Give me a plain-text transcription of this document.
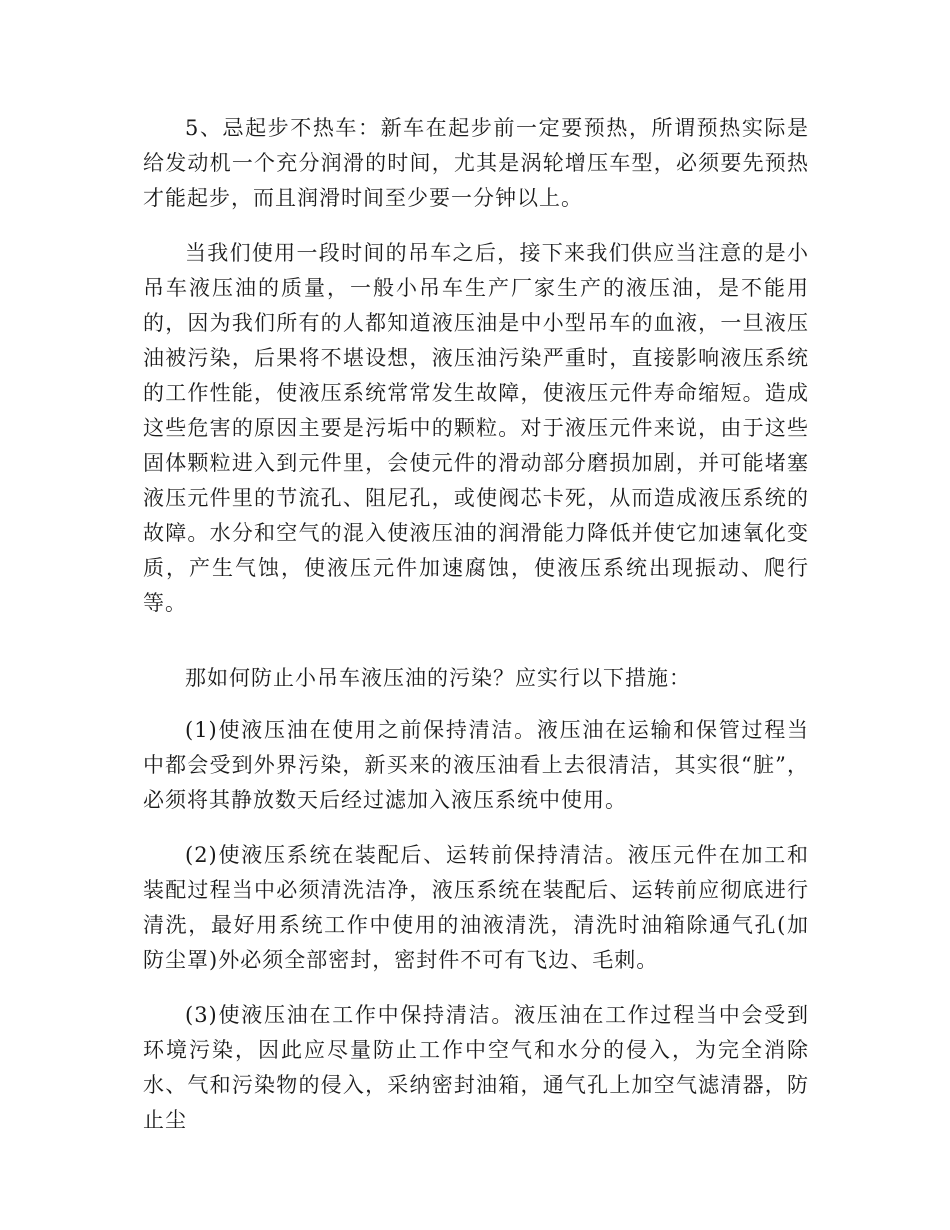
5、忌起步不热车：新车在起步前一定要预热，所谓预热实际是给发动机一个充分润滑的时间，尤其是涡轮增压车型，必须要先预热才能起步，而且润滑时间至少要一分钟以上。

当我们使用一段时间的吊车之后，接下来我们供应当注意的是小吊车液压油的质量，一般小吊车生产厂家生产的液压油，是不能用的，因为我们所有的人都知道液压油是中小型吊车的血液，一旦液压油被污染，后果将不堪设想，液压油污染严重时，直接影响液压系统的工作性能，使液压系统常常发生故障，使液压元件寿命缩短。造成这些危害的原因主要是污垢中的颗粒。对于液压元件来说，由于这些固体颗粒进入到元件里，会使元件的滑动部分磨损加剧，并可能堵塞液压元件里的节流孔、阻尼孔，或使阀芯卡死，从而造成液压系统的故障。水分和空气的混入使液压油的润滑能力降低并使它加速氧化变质，产生气蚀，使液压元件加速腐蚀，使液压系统出现振动、爬行等。

那如何防止小吊车液压油的污染？应实行以下措施：

(1)使液压油在使用之前保持清洁。液压油在运输和保管过程当中都会受到外界污染，新买来的液压油看上去很清洁，其实很“脏”，必须将其静放数天后经过滤加入液压系统中使用。

(2)使液压系统在装配后、运转前保持清洁。液压元件在加工和装配过程当中必须清洗洁净，液压系统在装配后、运转前应彻底进行清洗，最好用系统工作中使用的油液清洗，清洗时油箱除通气孔(加防尘罩)外必须全部密封，密封件不可有飞边、毛刺。

(3)使液压油在工作中保持清洁。液压油在工作过程当中会受到环境污染，因此应尽量防止工作中空气和水分的侵入，为完全消除水、气和污染物的侵入，采纳密封油箱，通气孔上加空气滤清器，防止尘
